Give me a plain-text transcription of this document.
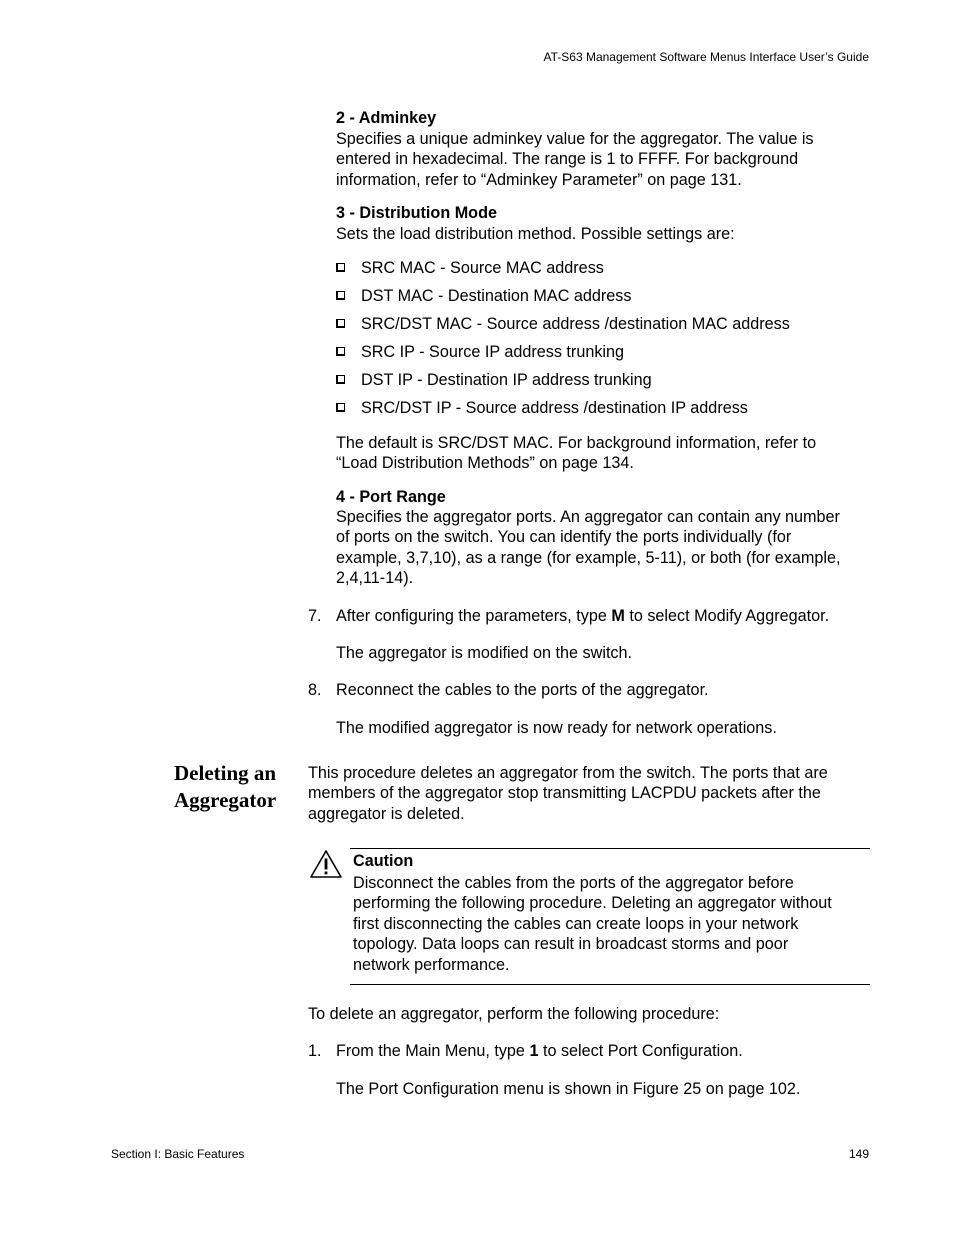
AT-S63 Management Software Menus Interface User’s Guide
2 - Adminkey
Specifies a unique adminkey value for the aggregator. The value is
entered in hexadecimal. The range is 1 to FFFF. For background
information, refer to “Adminkey Parameter” on page 131.
3 - Distribution Mode
Sets the load distribution method. Possible settings are:
SRC MAC - Source MAC address
DST MAC - Destination MAC address
SRC/DST MAC - Source address /destination MAC address
SRC IP - Source IP address trunking
DST IP - Destination IP address trunking
SRC/DST IP - Source address /destination IP address
The default is SRC/DST MAC. For background information, refer to
“Load Distribution Methods” on page 134.
4 - Port Range
Specifies the aggregator ports. An aggregator can contain any number
of ports on the switch. You can identify the ports individually (for
example, 3,7,10), as a range (for example, 5-11), or both (for example,
2,4,11-14).
7. After configuring the parameters, type M to select Modify Aggregator.
The aggregator is modified on the switch.
8. Reconnect the cables to the ports of the aggregator.
The modified aggregator is now ready for network operations.
Deleting an
Aggregator
This procedure deletes an aggregator from the switch. The ports that are
members of the aggregator stop transmitting LACPDU packets after the
aggregator is deleted.
Caution
Disconnect the cables from the ports of the aggregator before
performing the following procedure. Deleting an aggregator without
first disconnecting the cables can create loops in your network
topology. Data loops can result in broadcast storms and poor
network performance.
To delete an aggregator, perform the following procedure:
1. From the Main Menu, type 1 to select Port Configuration.
The Port Configuration menu is shown in Figure 25 on page 102.
Section I: Basic Features	149
